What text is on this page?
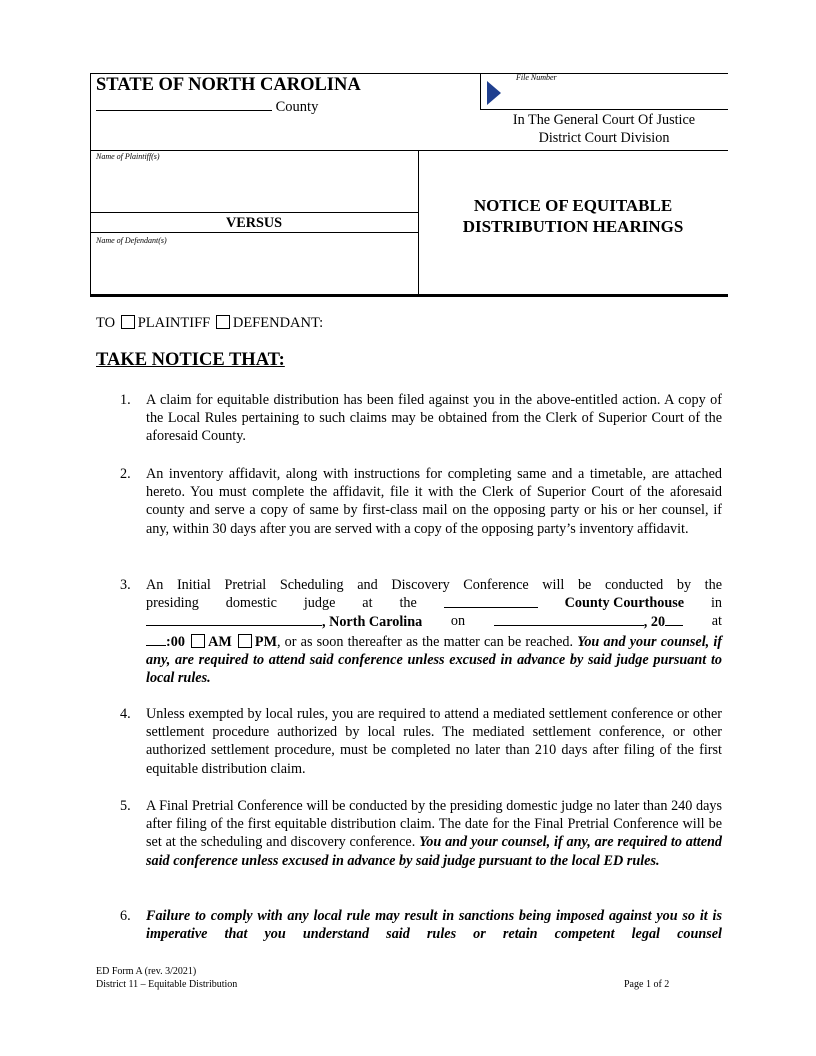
STATE OF NORTH CAROLINA
County
File Number
In The General Court Of Justice
District Court Division
Name of Plaintiff(s)
VERSUS
Name of Defendant(s)
NOTICE OF EQUITABLE
DISTRIBUTION HEARINGS
TO PLAINTIFF DEFENDANT:
TAKE NOTICE THAT:
1. A claim for equitable distribution has been filed against you in the above-entitled action. A copy of the Local Rules pertaining to such claims may be obtained from the Clerk of Superior Court of the aforesaid County.
2. An inventory affidavit, along with instructions for completing same and a timetable, are attached hereto. You must complete the affidavit, file it with the Clerk of Superior Court of the aforesaid county and serve a copy of same by first-class mail on the opposing party or his or her counsel, if any, within 30 days after you are served with a copy of the opposing party’s inventory affidavit.
3. An Initial Pretrial Scheduling and Discovery Conference will be conducted by the
presiding domestic judge at the	County Courthouse in
, North Carolina on	, 20	at
:00 AM PM, or as soon thereafter as the matter can be reached. You and your counsel, if any, are required to attend said conference unless excused in advance by said judge pursuant to local rules.
4. Unless exempted by local rules, you are required to attend a mediated settlement conference or other settlement procedure authorized by local rules. The mediated settlement conference, or other authorized settlement procedure, must be completed no later than 210 days after filing of the first equitable distribution claim.
5. A Final Pretrial Conference will be conducted by the presiding domestic judge no later than 240 days after filing of the first equitable distribution claim. The date for the Final Pretrial Conference will be set at the scheduling and discovery conference. You and your counsel, if any, are required to attend said conference unless excused in advance by said judge pursuant to the local ED rules.
6. Failure to comply with any local rule may result in sanctions being imposed against you so it is imperative that you understand said rules or retain competent legal counsel
ED Form A (rev. 3/2021)
District 11 – Equitable Distribution	Page 1 of 2
